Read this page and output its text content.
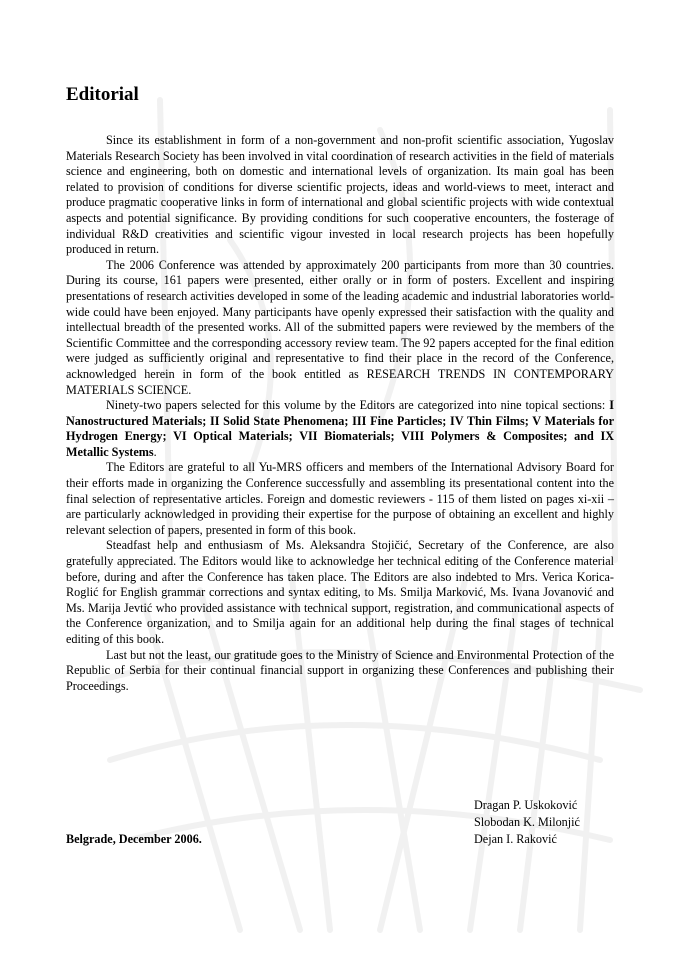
Editorial

Since its establishment in form of a non-government and non-profit scientific association, Yugoslav Materials Research Society has been involved in vital coordination of research activities in the field of materials science and engineering, both on domestic and international levels of organization. Its main goal has been related to provision of conditions for diverse scientific projects, ideas and world-views to meet, interact and produce pragmatic cooperative links in form of international and global scientific projects with wide contextual aspects and potential significance. By providing conditions for such cooperative encounters, the fosterage of individual R&D creativities and scientific vigour invested in local research projects has been hopefully produced in return.

The 2006 Conference was attended by approximately 200 participants from more than 30 countries. During its course, 161 papers were presented, either orally or in form of posters. Excellent and inspiring presentations of research activities developed in some of the leading academic and industrial laboratories world-wide could have been enjoyed. Many participants have openly expressed their satisfaction with the quality and intellectual breadth of the presented works. All of the submitted papers were reviewed by the members of the Scientific Committee and the corresponding accessory review team. The 92 papers accepted for the final edition were judged as sufficiently original and representative to find their place in the record of the Conference, acknowledged herein in form of the book entitled as RESEARCH TRENDS IN CONTEMPORARY MATERIALS SCIENCE.

Ninety-two papers selected for this volume by the Editors are categorized into nine topical sections: I Nanostructured Materials; II Solid State Phenomena; III Fine Particles; IV Thin Films; V Materials for Hydrogen Energy; VI Optical Materials; VII Biomaterials; VIII Polymers & Composites; and IX Metallic Systems.

The Editors are grateful to all Yu-MRS officers and members of the International Advisory Board for their efforts made in organizing the Conference successfully and assembling its presentational content into the final selection of representative articles. Foreign and domestic reviewers - 115 of them listed on pages xi-xii – are particularly acknowledged in providing their expertise for the purpose of obtaining an excellent and highly relevant selection of papers, presented in form of this book.

Steadfast help and enthusiasm of Ms. Aleksandra Stojičić, Secretary of the Conference, are also gratefully appreciated. The Editors would like to acknowledge her technical editing of the Conference material before, during and after the Conference has taken place. The Editors are also indebted to Mrs. Verica Korica-Roglić for English grammar corrections and syntax editing, to Ms. Smilja Marković, Ms. Ivana Jovanović and Ms. Marija Jevtić who provided assistance with technical support, registration, and communicational aspects of the Conference organization, and to Smilja again for an additional help during the final stages of technical editing of this book.

Last but not the least, our gratitude goes to the Ministry of Science and Environmental Protection of the Republic of Serbia for their continual financial support in organizing these Conferences and publishing their Proceedings.

Belgrade, December 2006.
Dragan P. Uskoković
Slobodan K. Milonjić
Dejan I. Raković
